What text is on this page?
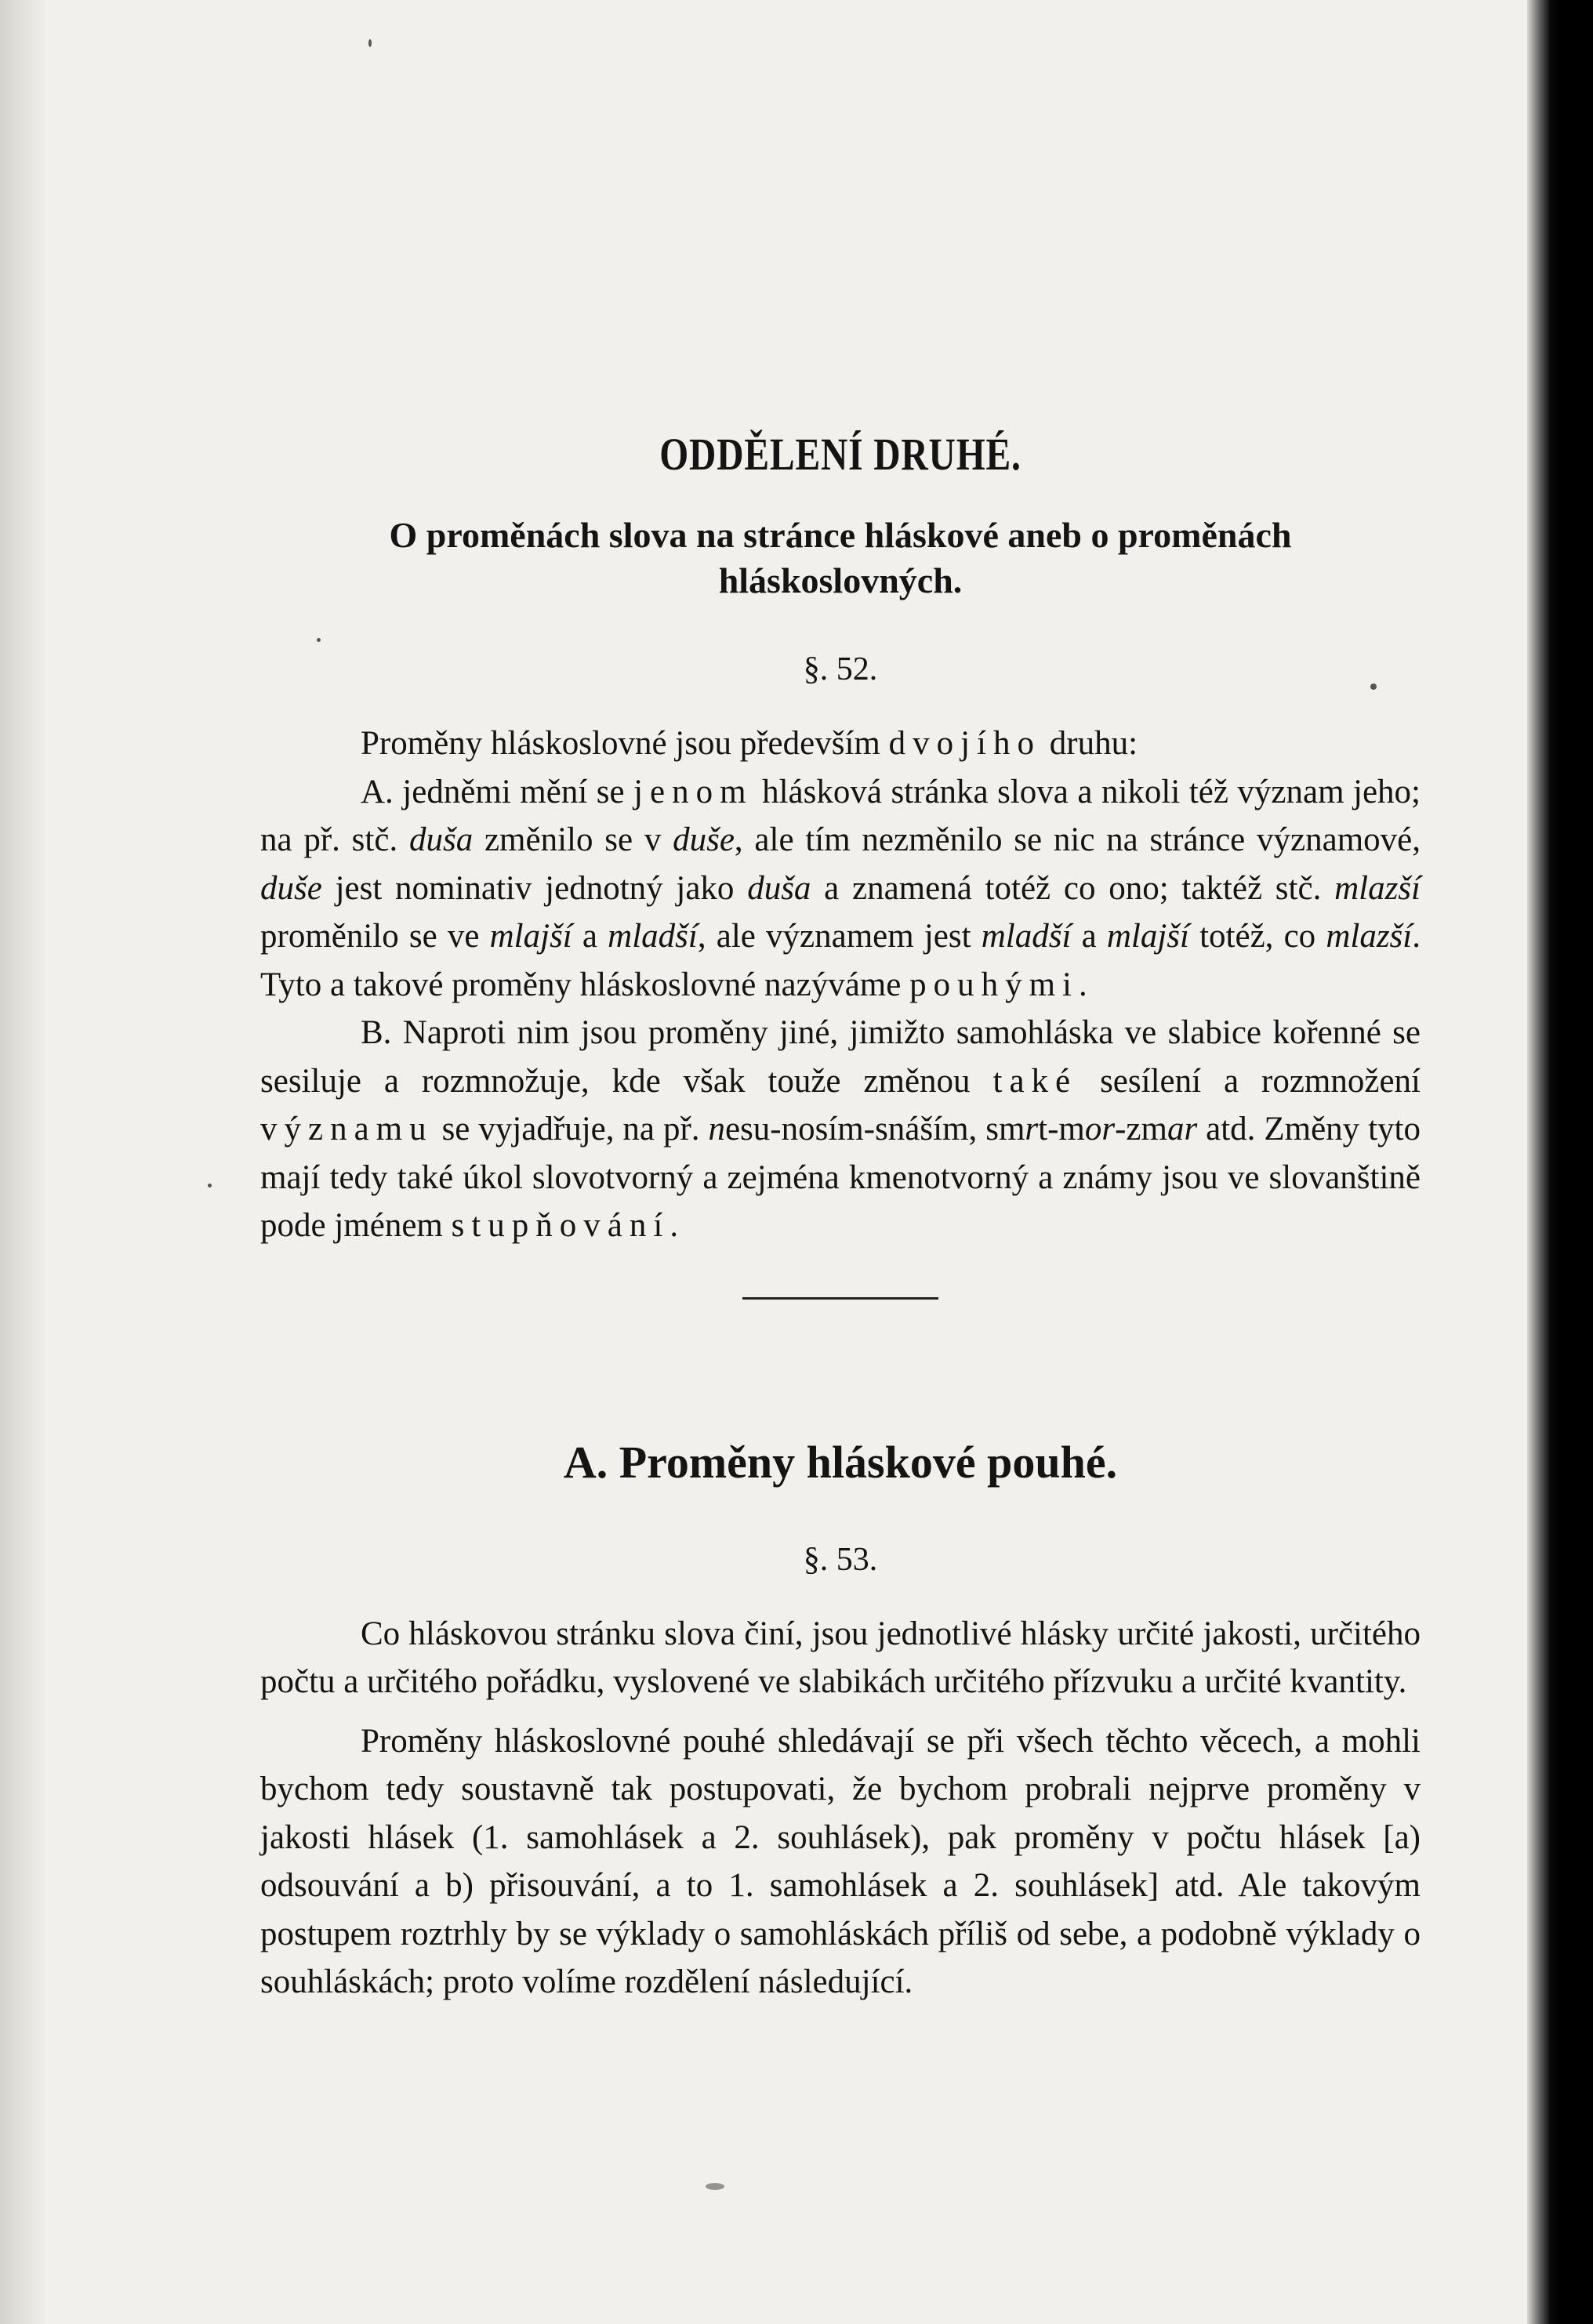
ODDĚLENÍ DRUHÉ.
O proměnách slova na stránce hláskové aneb o proměnách
hláskoslovných.
§. 52.

Proměny hláskoslovné jsou především dvojího druhu:

A. jedněmi mění se jenom hlásková stránka slova a nikoli též význam jeho; na př. stč. duša změnilo se v duše, ale tím nezměnilo se nic na stránce významové, duše jest nominativ jednotný jako duša a znamená totéž co ono; taktéž stč. mlazší proměnilo se ve mlajší a mladší, ale významem jest mladší a mlajší totéž, co mlazší. Tyto a takové proměny hláskoslovné nazýváme pouhými.

B. Naproti nim jsou proměny jiné, jimižto samohláska ve slabice kořenné se sesiluje a rozmnožuje, kde však touže změnou také sesílení a rozmnožení významu se vyjadřuje, na př. nesu-nosím-snáším, smrt-mor-zmar atd. Změny tyto mají tedy také úkol slovotvorný a zejména kmenotvorný a známy jsou ve slovanštině pode jménem stupňování.

A. Proměny hláskové pouhé.
§. 53.

Co hláskovou stránku slova činí, jsou jednotlivé hlásky určité jakosti, určitého počtu a určitého pořádku, vyslovené ve slabikách určitého přízvuku a určité kvantity.

Proměny hláskoslovné pouhé shledávají se při všech těchto věcech, a mohli bychom tedy soustavně tak postupovati, že bychom probrali nejprve proměny v jakosti hlásek (1. samohlásek a 2. souhlásek), pak proměny v počtu hlásek [a) odsouvání a b) přisouvání, a to 1. samohlásek a 2. souhlásek] atd. Ale takovým postupem roztrhly by se výklady o samohláskách příliš od sebe, a podobně výklady o souhláskách; proto volíme rozdělení následující.
